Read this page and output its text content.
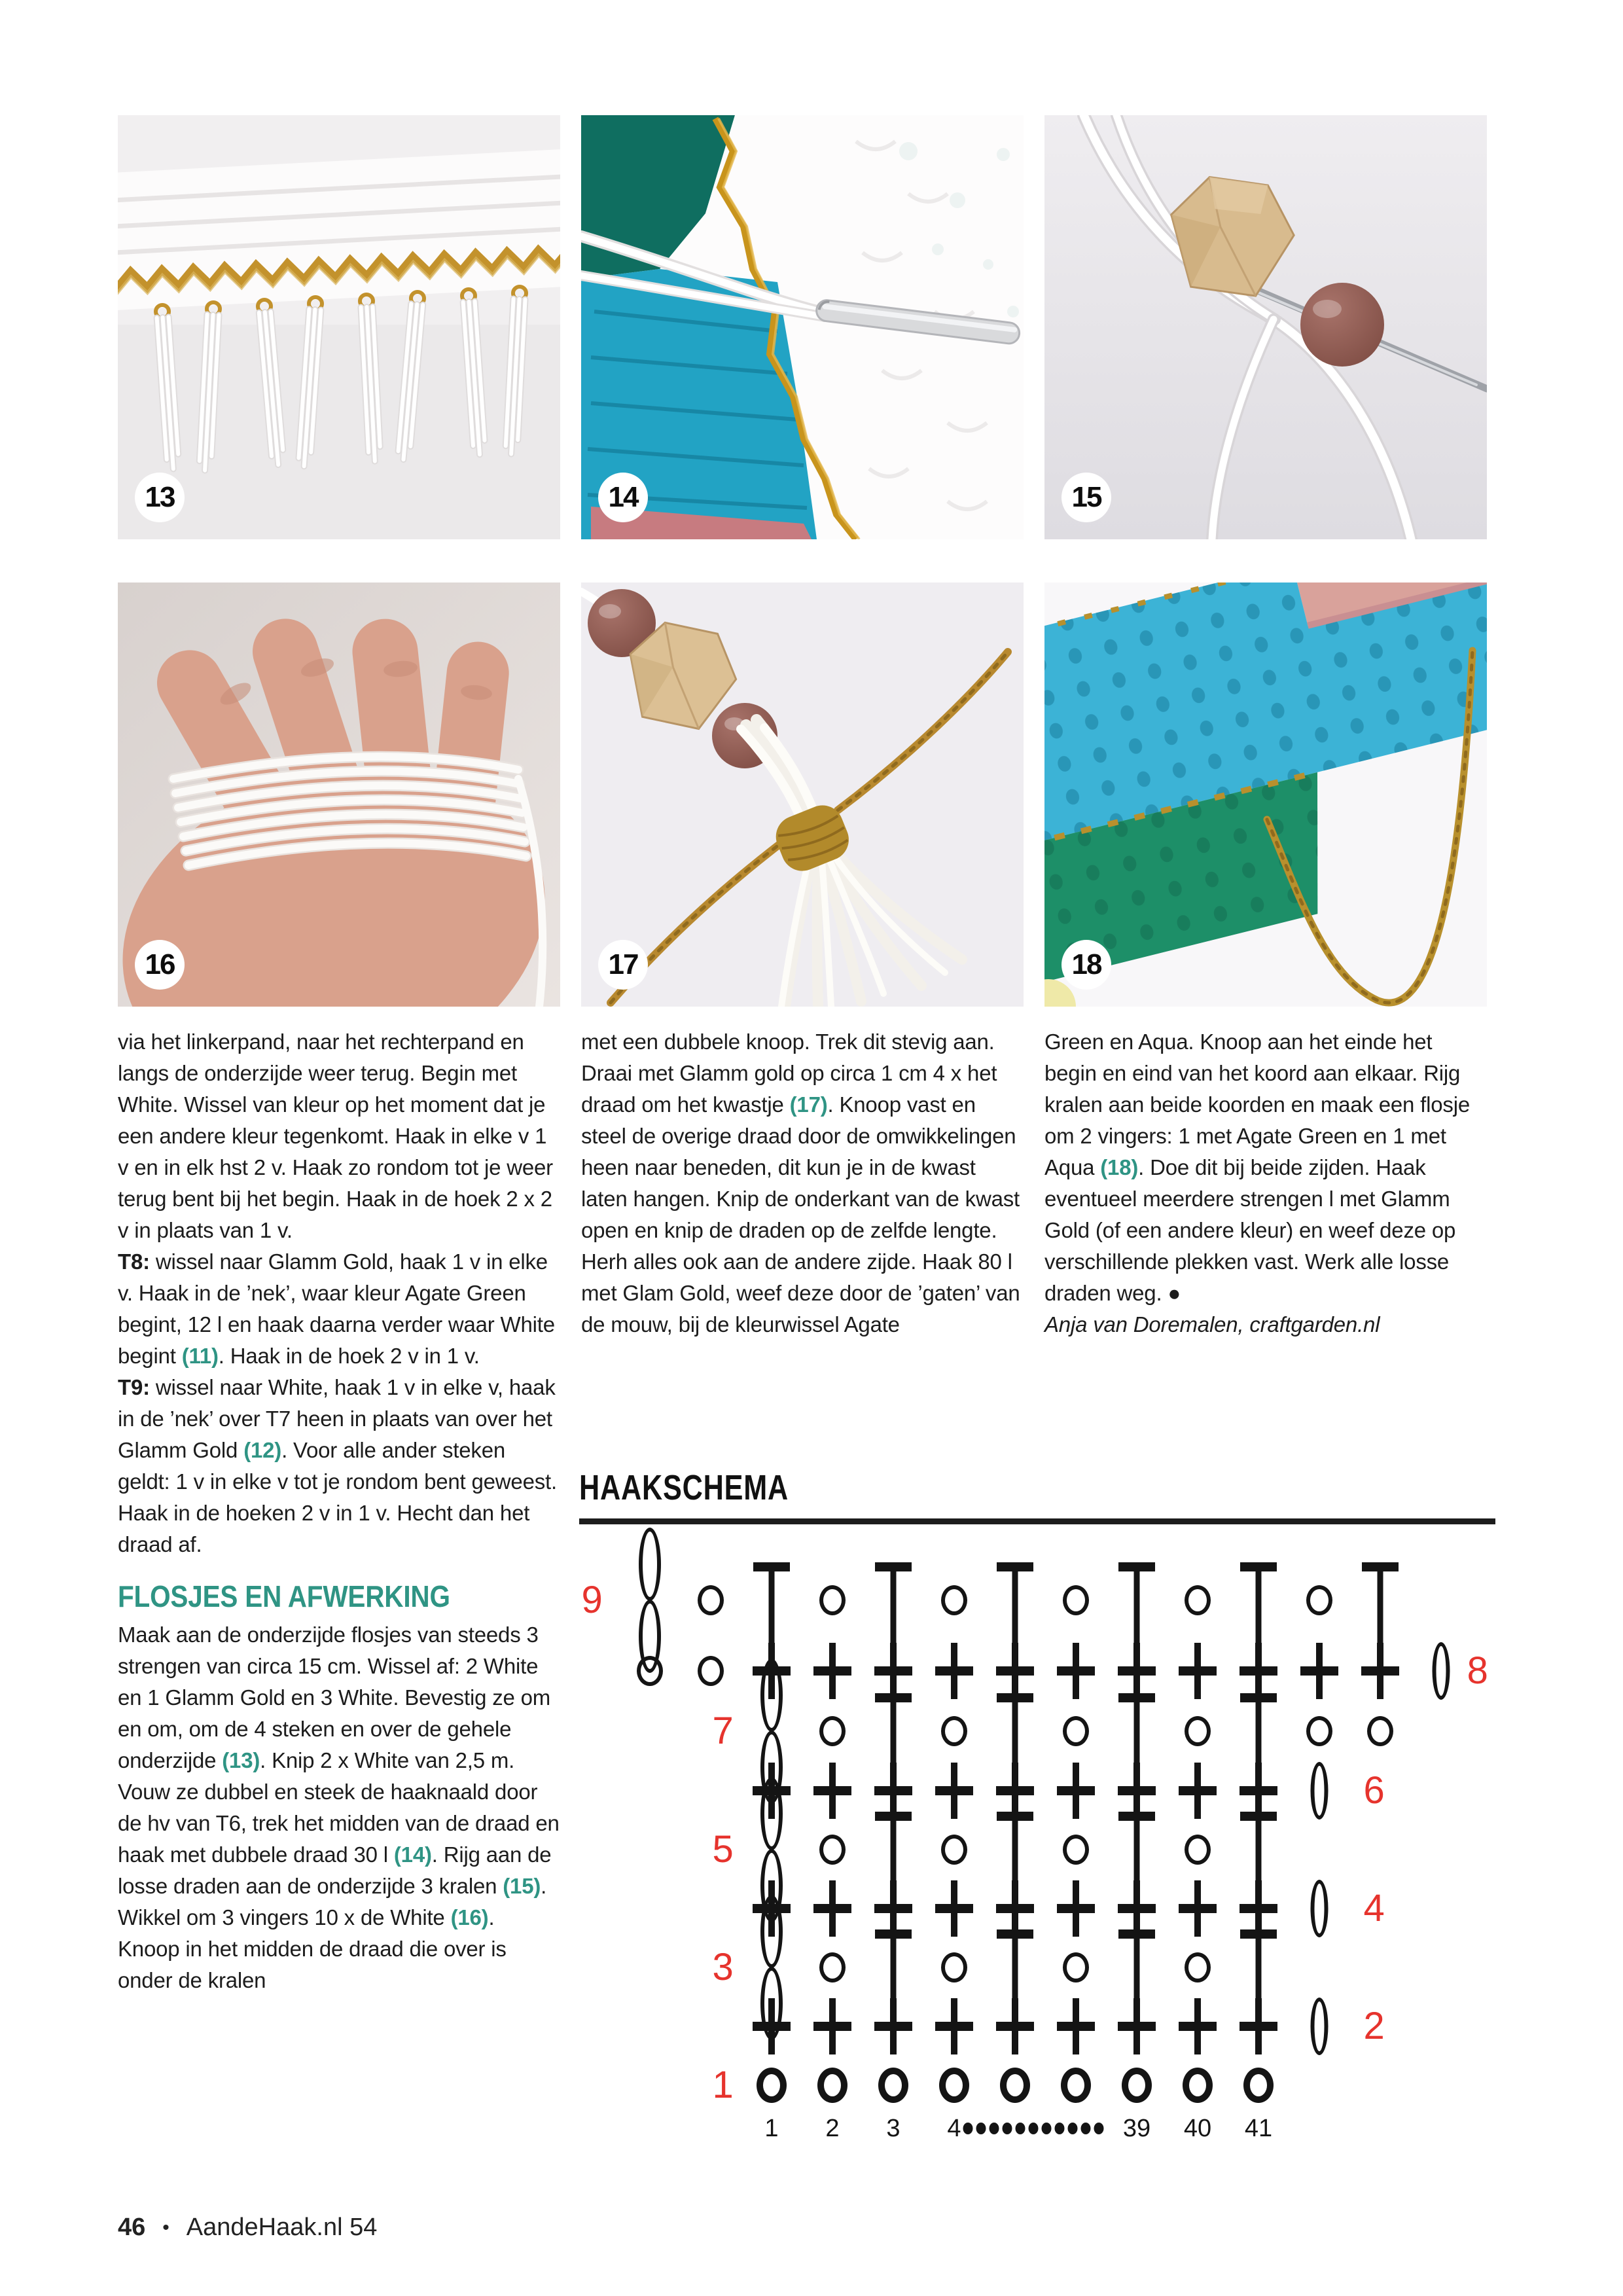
13	14	15
16	17	18

via het linkerpand, naar het rechterpand en langs de onderzijde weer terug. Begin met White. Wissel van kleur op het moment dat je een andere kleur tegenkomt. Haak in elke v 1 v en in elk hst 2 v. Haak zo rondom tot je weer terug bent bij het begin. Haak in de hoek 2 x 2 v in plaats van 1 v.

T8: wissel naar Glamm Gold, haak 1 v in elke v. Haak in de ’nek’, waar kleur Agate Green begint, 12 l en haak daarna verder waar White begint (11). Haak in de hoek 2 v in 1 v.

T9: wissel naar White, haak 1 v in elke v, haak in de ’nek’ over T7 heen in plaats van over het Glamm Gold (12). Voor alle ander steken geldt: 1 v in elke v tot je rondom bent geweest. Haak in de hoeken 2 v in 1 v. Hecht dan het draad af.

FLOSJES EN AFWERKING

Maak aan de onderzijde flosjes van steeds 3 strengen van circa 15 cm. Wissel af: 2 White en 1 Glamm Gold en 3 White. Bevestig ze om en om, om de 4 steken en over de gehele onderzijde (13). Knip 2 x White van 2,5 m. Vouw ze dubbel en steek de haaknaald door de hv van T6, trek het midden van de draad en haak met dubbele draad 30 l (14). Rijg aan de losse draden aan de onderzijde 3 kralen (15). Wikkel om 3 vingers 10 x de White (16). Knoop in het midden de draad die over is onder de kralen

met een dubbele knoop. Trek dit stevig aan. Draai met Glamm gold op circa 1 cm 4 x het draad om het kwastje (17). Knoop vast en steel de overige draad door de omwikkelingen heen naar beneden, dit kun je in de kwast laten hangen. Knip de onderkant van de kwast open en knip de draden op de zelfde lengte. Herh alles ook aan de andere zijde. Haak 80 l met Glam Gold, weef deze door de ’gaten’ van de mouw, bij de kleurwissel Agate

Green en Aqua. Knoop aan het einde het begin en eind van het koord aan elkaar. Rijg kralen aan beide koorden en maak een flosje om 2 vingers: 1 met Agate Green en 1 met Aqua (18). Doe dit bij beide zijden. Haak eventueel meerdere strengen l met Glamm Gold (of een andere kleur) en weef deze op verschillende plekken vast. Werk alle losse draden weg. ●

Anja van Doremalen, craftgarden.nl

HAAKSCHEMA
9
8
7
6
5
4
3
2
1
1 2 3 4	39 40 41
46 • AandeHaak.nl 54
